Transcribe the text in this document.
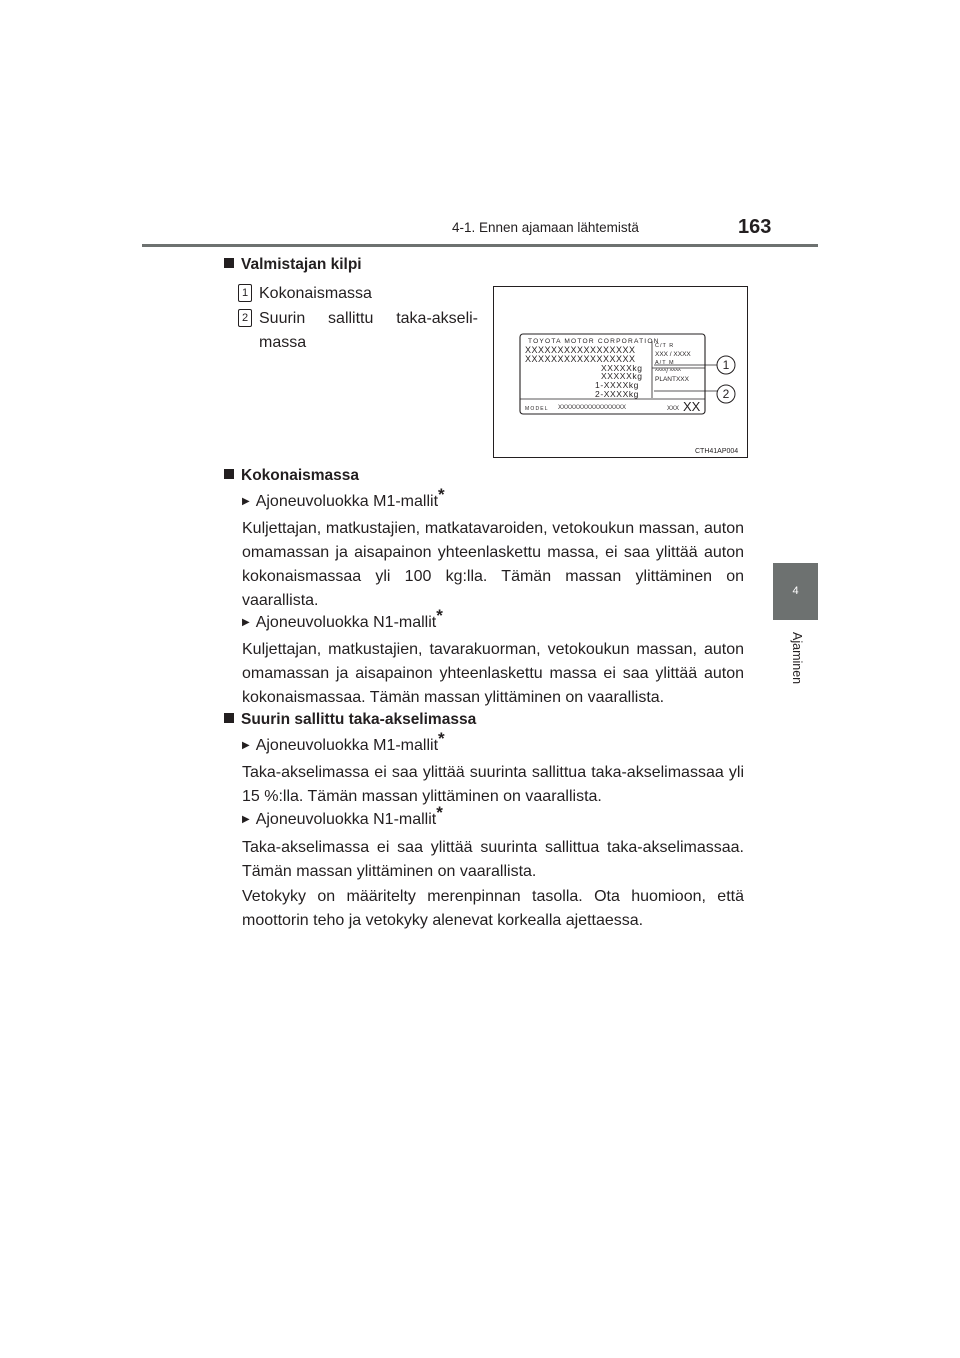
4-1. Ennen ajamaan lähtemistä	163
4
Ajaminen
Valmistajan kilpi
1 Kokonaismassa
2 Suurin sallittu taka-akseli-massa
1
2
TOYOTA MOTOR CORPORATION
XXXXXXXXXXXXXXXXX
XXXXXXXXXXXXXXXXX
XXXXXkg
XXXXXkg
1-XXXXkg
2-XXXXkg
C/T R
XXX / XXXX
A/T M
^^^^/ ^^^^
PLANTXXX
MODEL XXXXXXXXXXXXXXXXX	XXX XX
CTH41AP004
Kokonaismassa
▶ Ajoneuvoluokka M1-mallit*
Kuljettajan, matkustajien, matkatavaroiden, vetokoukun massan, auton omamassan ja aisapainon yhteenlaskettu massa, ei saa ylittää auton kokonaismassaa yli 100 kg:lla. Tämän massan ylittäminen on vaarallista.
▶ Ajoneuvoluokka N1-mallit*
Kuljettajan, matkustajien, tavarakuorman, vetokoukun massan, auton omamassan ja aisapainon yhteenlaskettu massa ei saa ylittää auton kokonaismassaa. Tämän massan ylittäminen on vaarallista.
Suurin sallittu taka-akselimassa
▶ Ajoneuvoluokka M1-mallit*
Taka-akselimassa ei saa ylittää suurinta sallittua taka-akselimassaa yli 15 %:lla. Tämän massan ylittäminen on vaarallista.
▶ Ajoneuvoluokka N1-mallit*
Taka-akselimassa ei saa ylittää suurinta sallittua taka-akselimassaa. Tämän massan ylittäminen on vaarallista.
Vetokyky on määritelty merenpinnan tasolla. Ota huomioon, että moottorin teho ja vetokyky alenevat korkealla ajettaessa.
